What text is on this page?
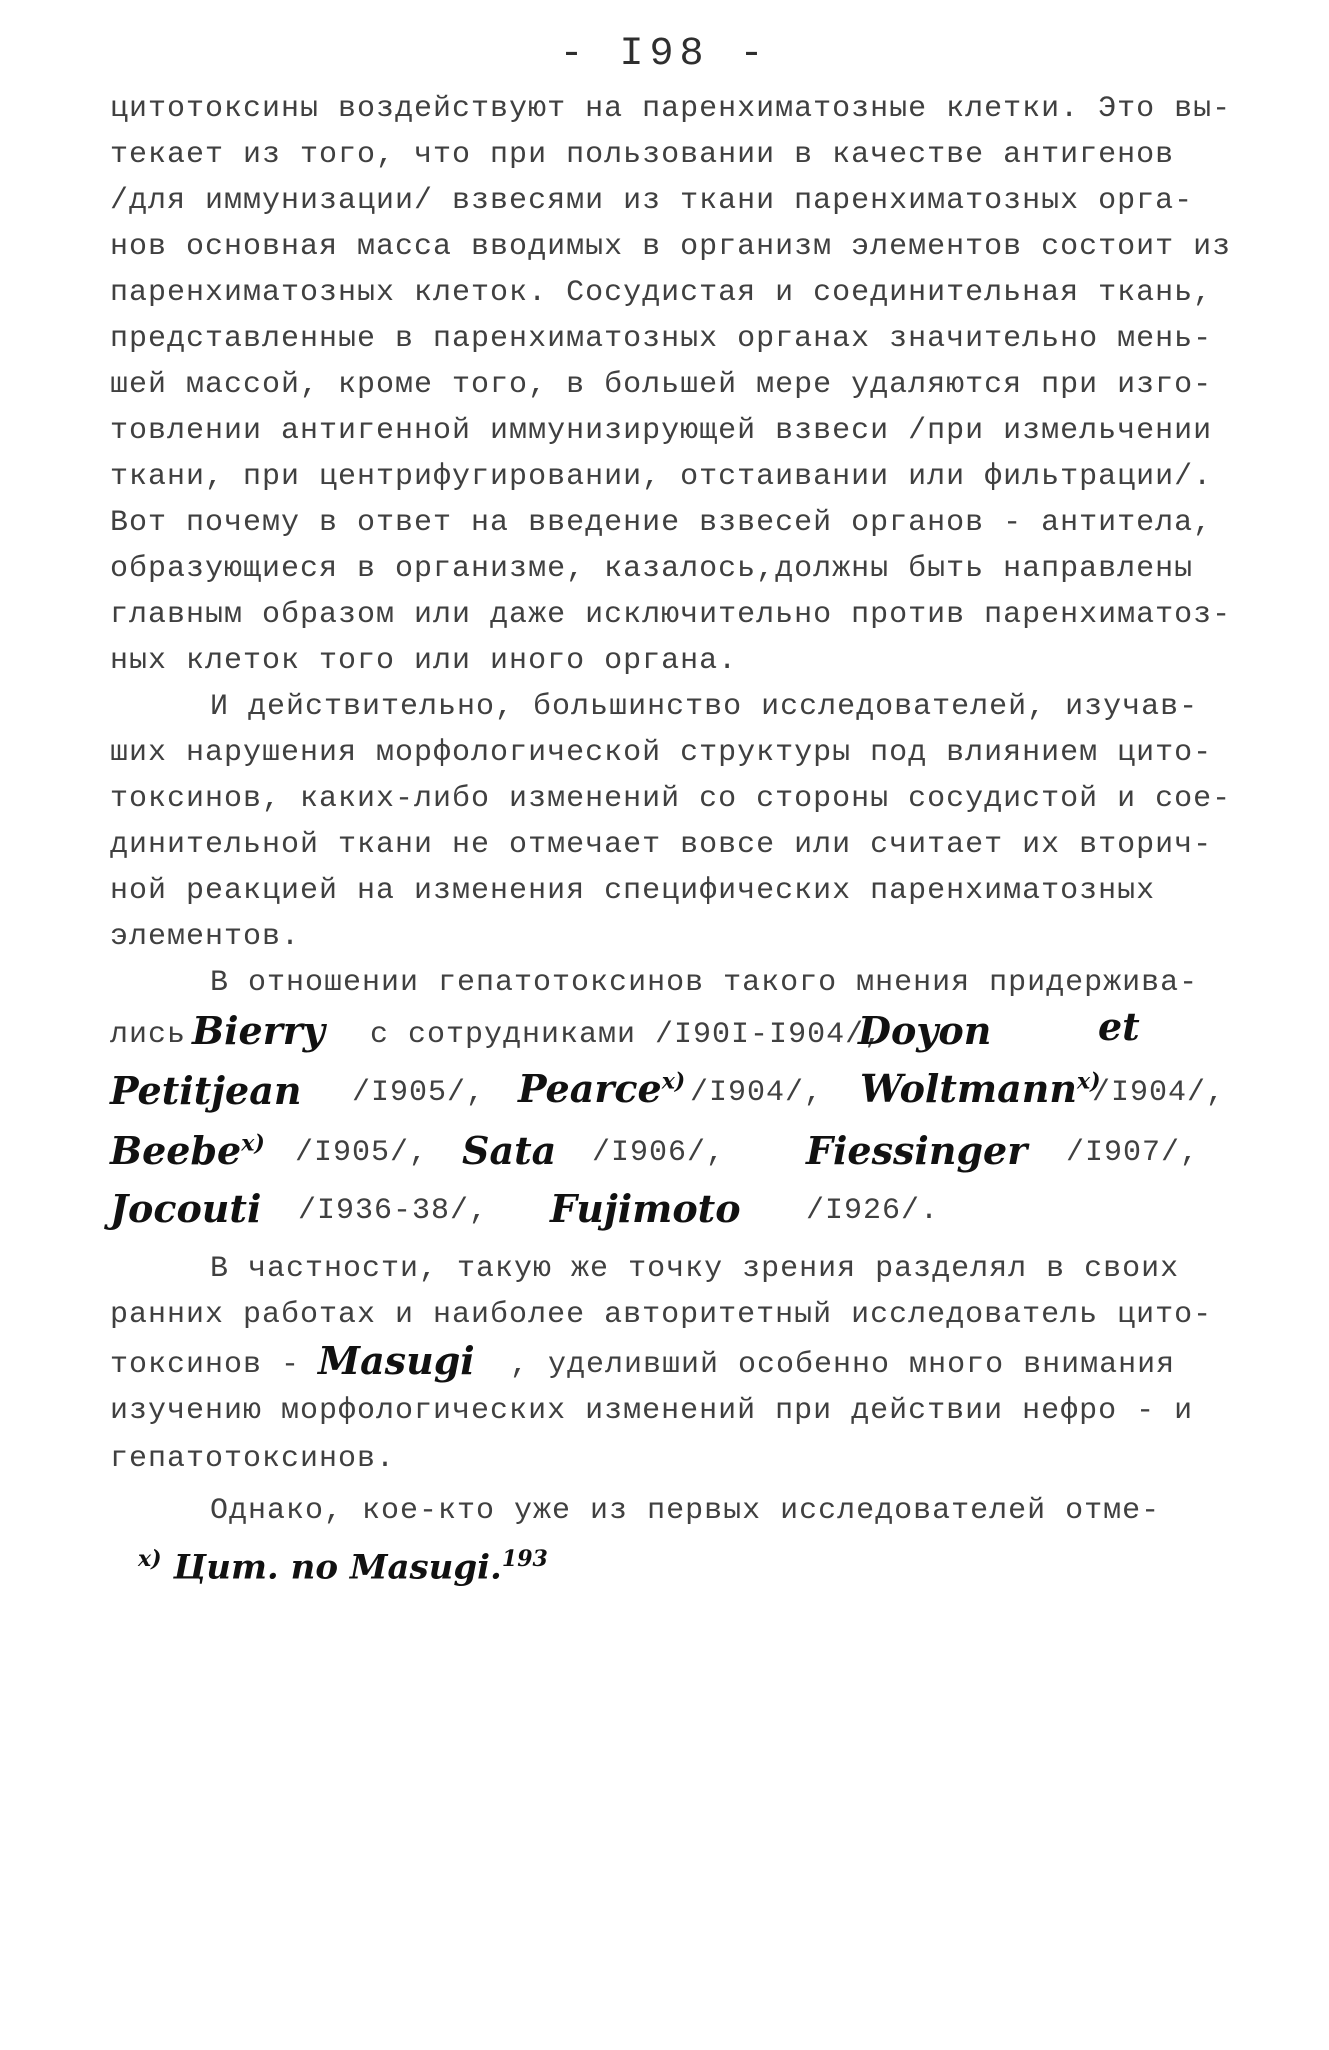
- I98 -
цитотоксины воздействуют на паренхиматозные клетки. Это вы-
текает из того, что при пользовании в качестве антигенов
/для иммунизации/ взвесями из ткани паренхиматозных орга-
нов основная масса вводимых в организм элементов состоит из
паренхиматозных клеток. Сосудистая и соединительная ткань,
представленные в паренхиматозных органах значительно мень-
шей массой, кроме того, в большей мере удаляются при изго-
товлении антигенной иммунизирующей взвеси /при измельчении
ткани, при центрифугировании, отстаивании или фильтрации/.
Вот почему в ответ на введение взвесей органов - антитела,
образующиеся в организме, казалось,должны быть направлены
главным образом или даже исключительно против паренхиматоз-
ных клеток того или иного органа.
И действительно, большинство исследователей, изучав-
ших нарушения морфологической структуры под влиянием цито-
токсинов, каких-либо изменений со стороны сосудистой и сое-
динительной ткани не отмечает вовсе или считает их вторич-
ной реакцией на изменения специфических паренхиматозных
элементов.
В отношении гепатотоксинов такого мнения придержива-
лись Bierry с сотрудниками /I90I-I904/,
Doyon	et
Petitjean /I905/, Pearce$^{x)}$ /I904/, Woltmann$^{x)}$
/I904/,
Beebe$^{x)}$ /I905/, Sata /I906/,	Fiessinger /I907/,
Jocouti /I936-38/,	Fujimoto /I926/.
В частности, такую же точку зрения разделял в своих
ранних работах и наиболее авторитетный исследователь цито-
токсинов - Masugi , уделивший особенно много внимания
изучению морфологических изменений при действии нефро - и
гепатотоксинов.
Однако, кое-кто уже из первых исследователей отме-
$^{x)}$ Цит. по Masugi.$^{193}$
